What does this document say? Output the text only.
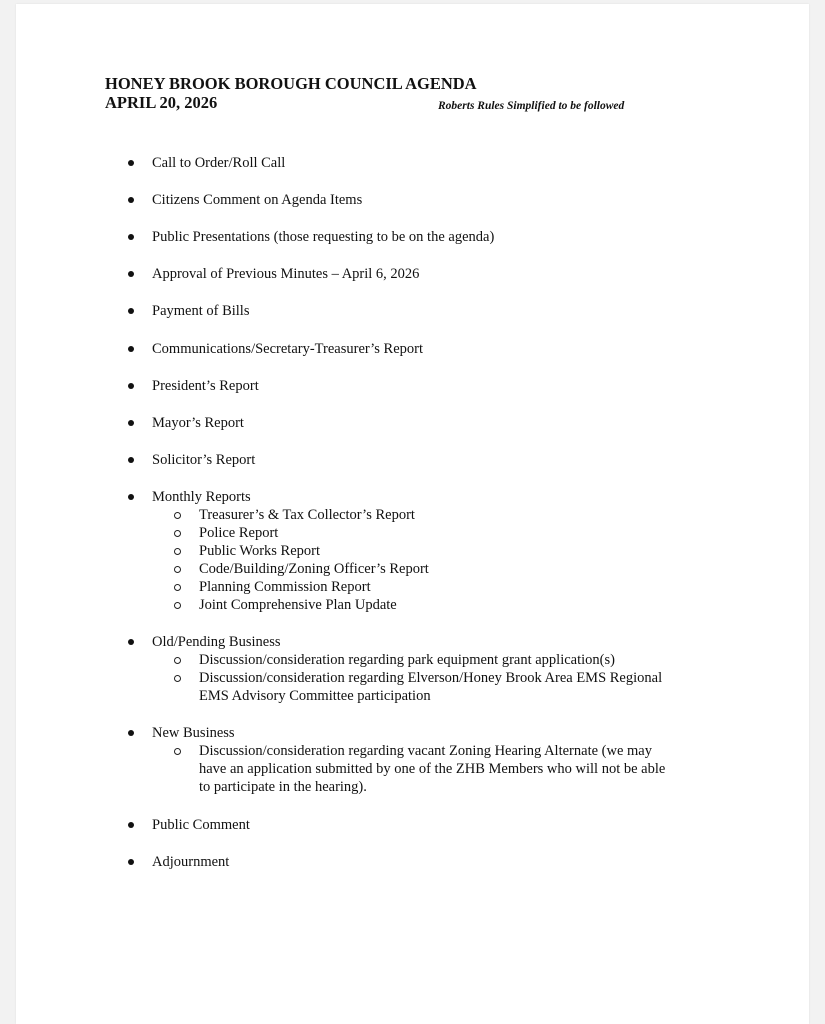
HONEY BROOK BOROUGH COUNCIL AGENDA
APRIL 20, 2026	Roberts Rules Simplified to be followed
Call to Order/Roll Call
Citizens Comment on Agenda Items
Public Presentations (those requesting to be on the agenda)
Approval of Previous Minutes – April 6, 2026
Payment of Bills
Communications/Secretary-Treasurer’s Report
President’s Report
Mayor’s Report
Solicitor’s Report
Monthly Reports
Treasurer’s & Tax Collector’s Report
Police Report
Public Works Report
Code/Building/Zoning Officer’s Report
Planning Commission Report
Joint Comprehensive Plan Update
Old/Pending Business
Discussion/consideration regarding park equipment grant application(s)
Discussion/consideration regarding Elverson/Honey Brook Area EMS Regional
EMS Advisory Committee participation
New Business
Discussion/consideration regarding vacant Zoning Hearing Alternate (we may
have an application submitted by one of the ZHB Members who will not be able
to participate in the hearing).
Public Comment
Adjournment
